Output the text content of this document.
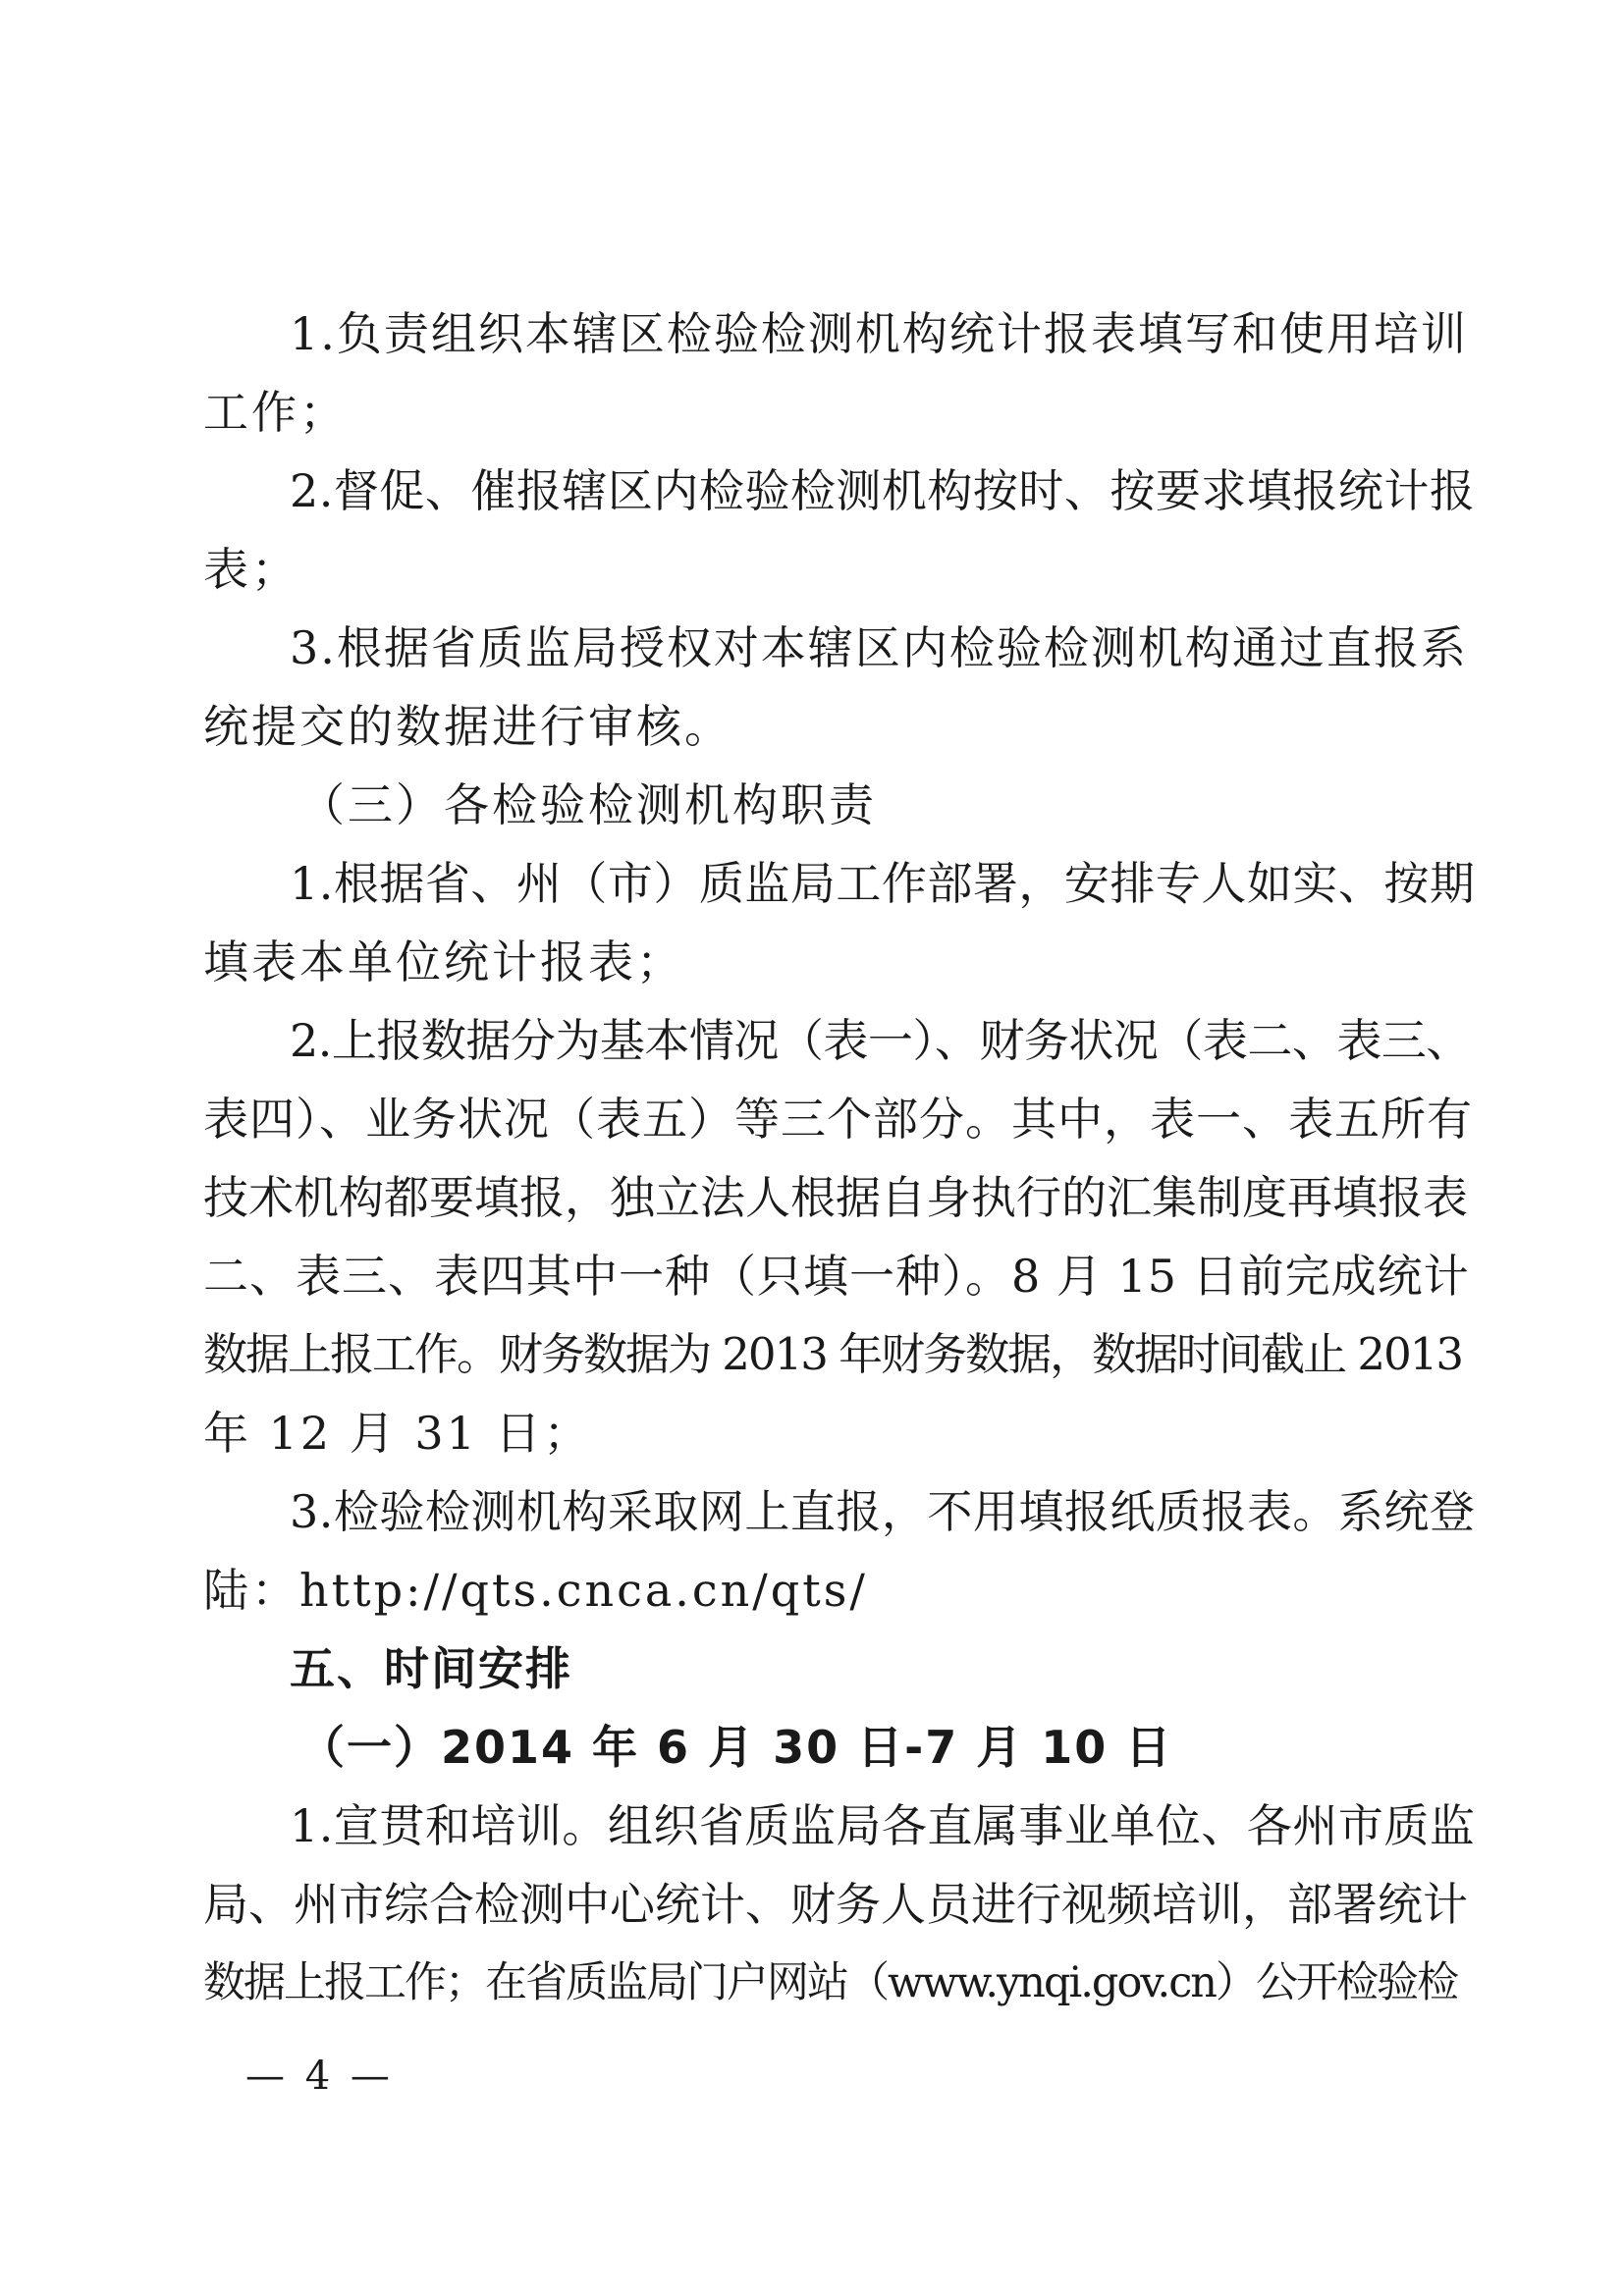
1.负责组织本辖区检验检测机构统计报表填写和使用培训
工作；
2.督促、催报辖区内检验检测机构按时、按要求填报统计报
表；
3.根据省质监局授权对本辖区内检验检测机构通过直报系
统提交的数据进行审核。
（三）各检验检测机构职责
1.根据省、州（市）质监局工作部署，安排专人如实、按期
填表本单位统计报表；
2.上报数据分为基本情况（表一）、财务状况（表二、表三、
表四）、业务状况（表五）等三个部分。其中，表一、表五所有
技术机构都要填报，独立法人根据自身执行的汇集制度再填报表
二、表三、表四其中一种（只填一种）。8 月 15 日前完成统计
数据上报工作。财务数据为 2013 年财务数据，数据时间截止 2013
年 12 月 31 日；
3.检验检测机构采取网上直报，不用填报纸质报表。系统登
陆：http://qts.cnca.cn/qts/
五、时间安排
（一）2014 年 6 月 30 日-7 月 10 日
1.宣贯和培训。组织省质监局各直属事业单位、各州市质监
局、州市综合检测中心统计、财务人员进行视频培训，部署统计
数据上报工作；在省质监局门户网站（www.ynqi.gov.cn）公开检验检
— 4 —
